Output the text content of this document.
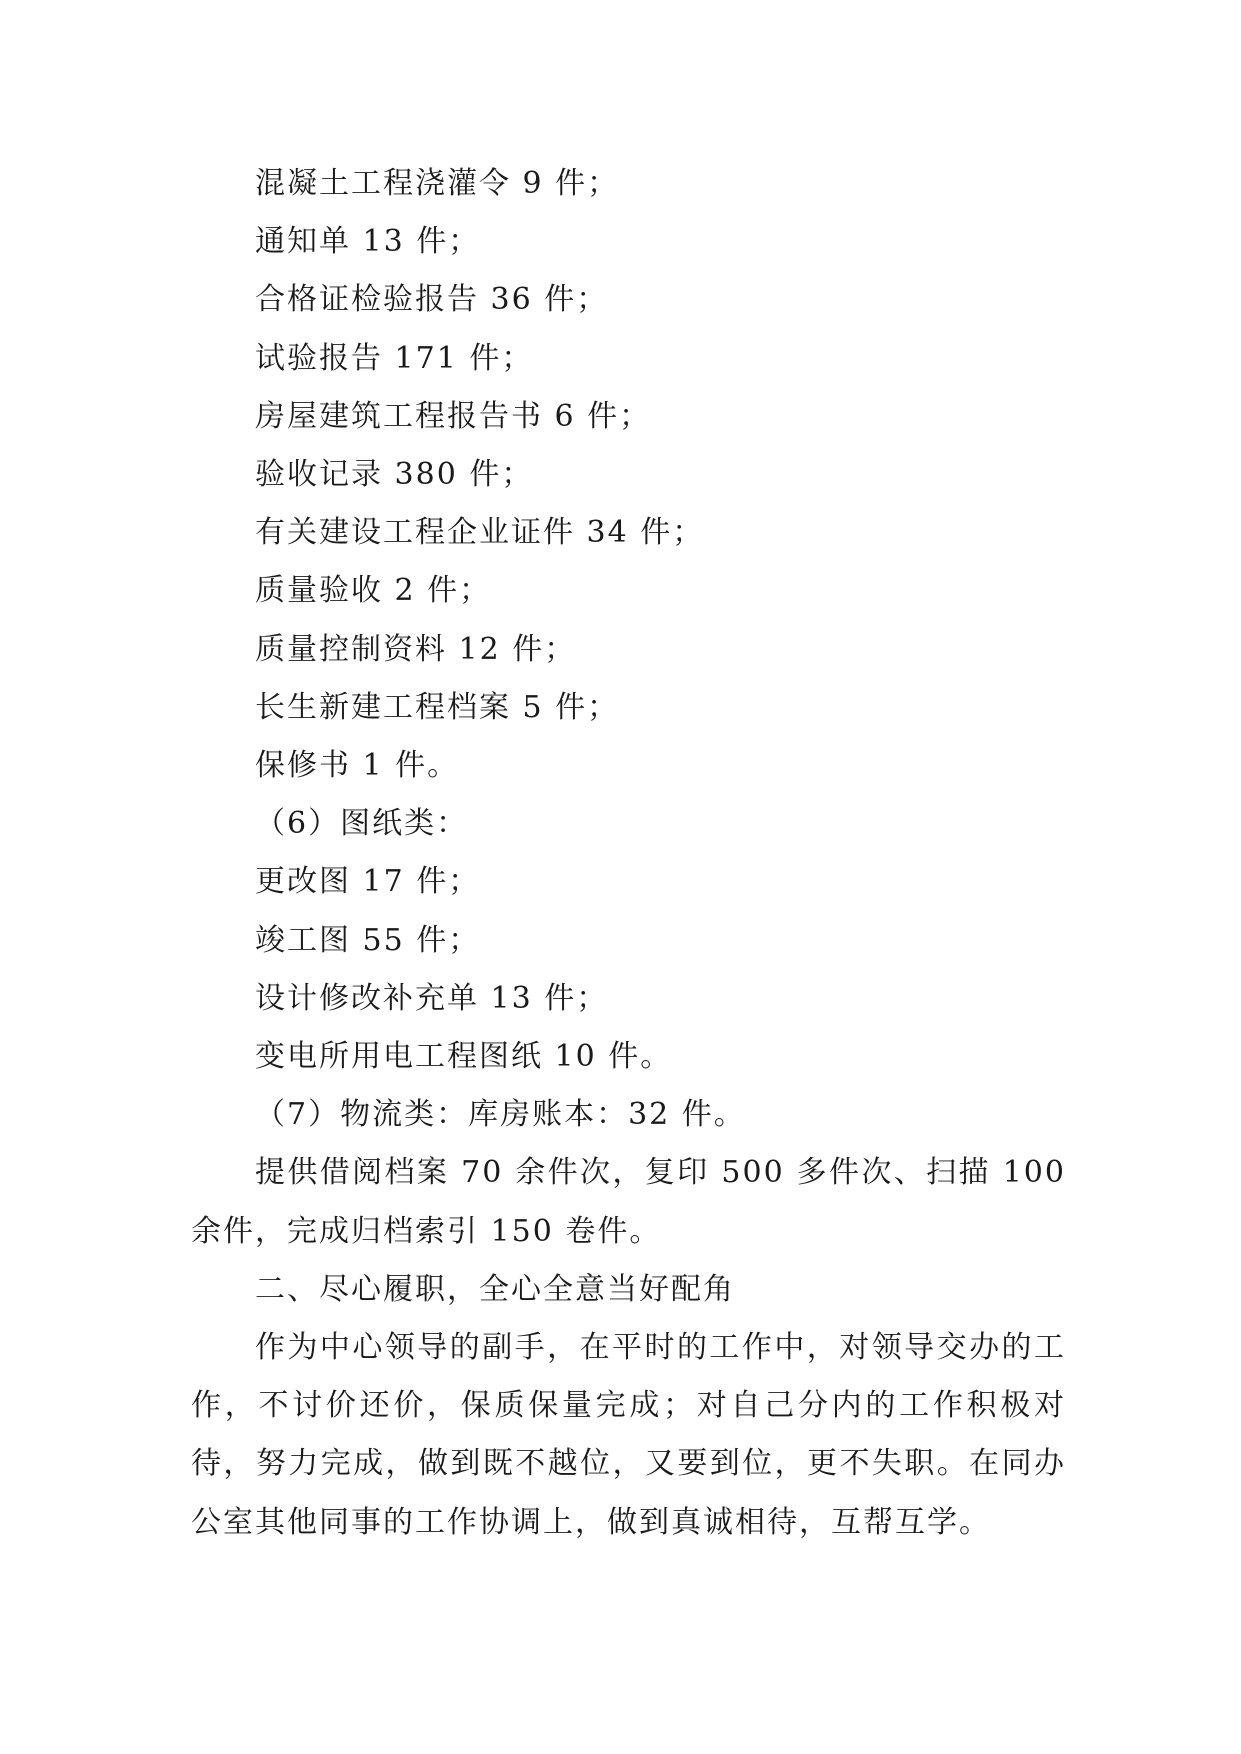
混凝土工程浇灌令 9 件；

通知单 13 件；

合格证检验报告 36 件；

试验报告 171 件；

房屋建筑工程报告书 6 件；

验收记录 380 件；

有关建设工程企业证件 34 件；

质量验收 2 件；

质量控制资料 12 件；

长生新建工程档案 5 件；

保修书 1 件。

（6）图纸类：

更改图 17 件；

竣工图 55 件；

设计修改补充单 13 件；

变电所用电工程图纸 10 件。

（7）物流类：库房账本：32 件。

提供借阅档案 70 余件次，复印 500 多件次、扫描 100 余件，完成归档索引 150 卷件。

二、尽心履职，全心全意当好配角

作为中心领导的副手，在平时的工作中，对领导交办的工作，不讨价还价，保质保量完成；对自己分内的工作积极对待，努力完成，做到既不越位，又要到位，更不失职。在同办公室其他同事的工作协调上，做到真诚相待，互帮互学。
